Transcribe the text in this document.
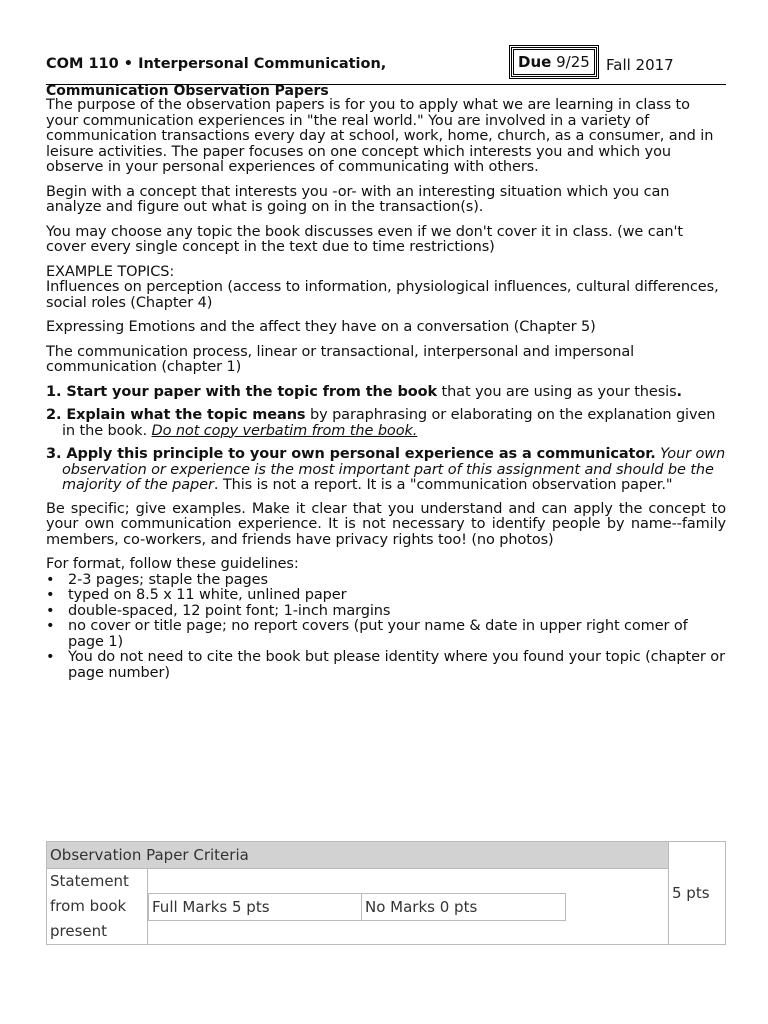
COM 110 • Interpersonal Communication,	Due 9/25	Fall 2017
Communication Observation Papers

The purpose of the observation papers is for you to apply what we are learning in class to your communication experiences in "the real world." You are involved in a variety of communication transactions every day at school, work, home, church, as a consumer, and in leisure activities. The paper focuses on one concept which interests you and which you observe in your personal experiences of communicating with others.

Begin with a concept that interests you -or- with an interesting situation which you can analyze and figure out what is going on in the transaction(s).

You may choose any topic the book discusses even if we don't cover it in class. (we can't cover every single concept in the text due to time restrictions)

EXAMPLE TOPICS:
Influences on perception (access to information, physiological influences, cultural differences, social roles (Chapter 4)

Expressing Emotions and the affect they have on a conversation (Chapter 5)

The communication process, linear or transactional, interpersonal and impersonal communication (chapter 1)

1. Start your paper with the topic from the book that you are using as your thesis.

2. Explain what the topic means by paraphrasing or elaborating on the explanation given in the book. Do not copy verbatim from the book.

3. Apply this principle to your own personal experience as a communicator. Your own observation or experience is the most important part of this assignment and should be the majority of the paper. This is not a report. It is a "communication observation paper."

Be specific; give examples. Make it clear that you understand and can apply the concept to your own communication experience. It is not necessary to identify people by name--family members, co-workers, and friends have privacy rights too! (no photos)

For format, follow these guidelines:
• 2-3 pages; staple the pages
• typed on 8.5 x 11 white, unlined paper
• double-spaced, 12 point font; 1-inch margins
• no cover or title page; no report covers (put your name & date in upper right comer of page 1)
• You do not need to cite the book but please identity where you found your topic (chapter or page number)
Observation Paper Criteria	5 pts
Statement from book present	
Full Marks 5 pts	No Marks 0 pts
